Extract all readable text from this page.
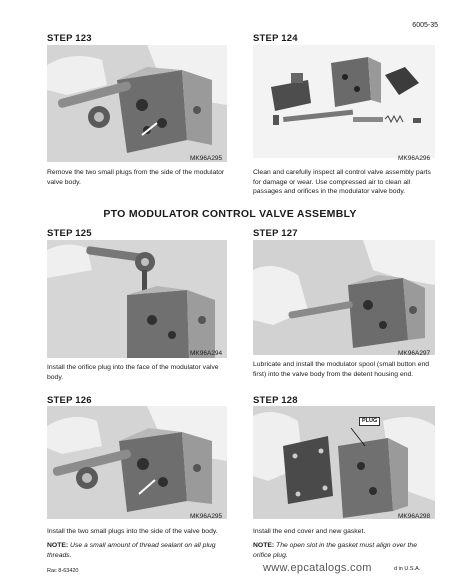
6005-35
STEP 123
MK96A295
Remove the two small plugs from the side of the modulator valve body.
STEP 124
MK96A296
Clean and carefully inspect all control valve assembly parts for damage or wear. Use compressed air to clean all passages and orifices in the modulator valve body.
PTO MODULATOR CONTROL VALVE ASSEMBLY
STEP 125
MK96A294
Install the orifice plug into the face of the modulator valve body.
STEP 127
MK96A297
Lubricate and install the modulator spool (small button end first) into the valve body from the detent housing end.
STEP 126
MK96A295
Install the two small plugs into the side of the valve body.
NOTE: Use a small amount of thread sealant on all plug threads.
STEP 128
PLUG
MK96A298
Install the end cover and new gasket.
NOTE: The open slot in the gasket must align over the orifice plug.
Rac 8-63420	www.epcatalogs.com	d in U.S.A.
